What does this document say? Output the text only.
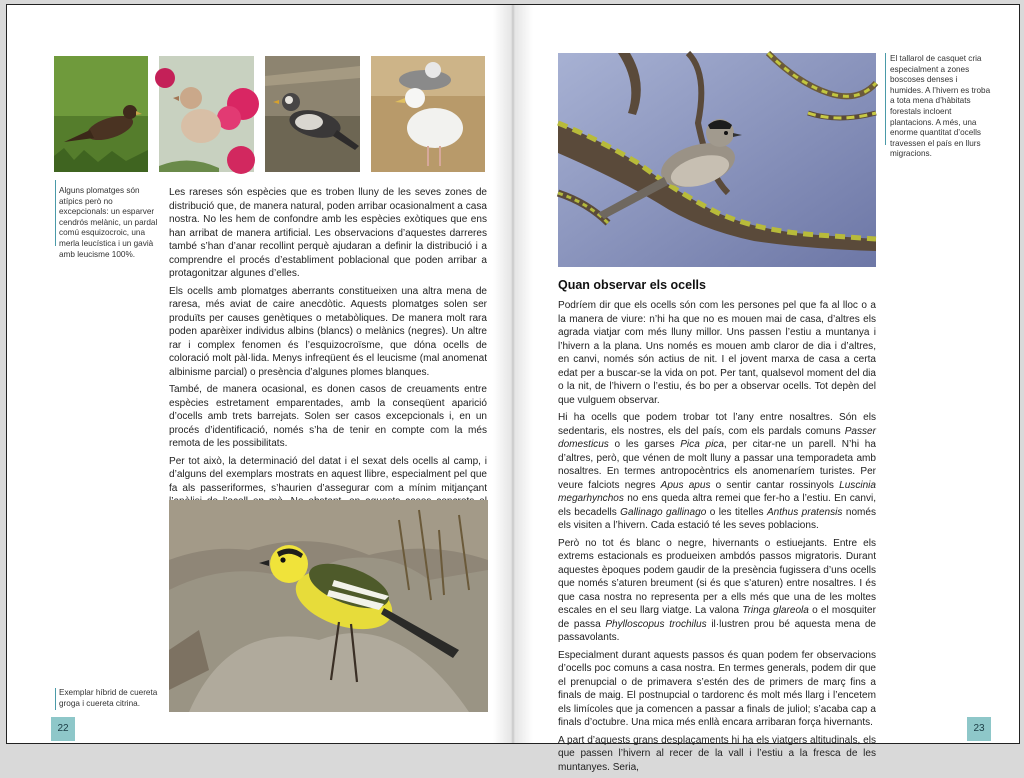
Alguns plomatges són atípics però no excepcionals: un esparver cendrós melànic, un pardal comú esquizocroic, una merla leucística i un gavià amb leucisme 100%.

Les rareses són espècies que es troben lluny de les seves zones de distribució que, de manera natural, poden arribar ocasionalment a casa nostra. No les hem de confondre amb les espècies exòtiques que ens han arribat de manera artificial. Les observacions d’aquestes darreres també s’han d’anar recollint perquè ajudaran a definir la distribució i a comprendre el procés d’establiment poblacional que poden arribar a protagonitzar algunes d’elles.

Els ocells amb plomatges aberrants constitueixen una altra mena de raresa, més aviat de caire anecdòtic. Aquests plomatges solen ser produïts per causes genètiques o metabòliques. De manera molt rara poden aparèixer individus albins (blancs) o melànics (negres). Un altre rar i complex fenomen és l’esquizocroïsme, que dóna ocells de coloració molt pàl·lida. Menys infreqüent és el leucisme (mal anomenat albinisme parcial) o presència d’algunes plomes blanques.

També, de manera ocasional, es donen casos de creuaments entre espècies estretament emparentades, amb la conseqüent aparició d’ocells amb trets barrejats. Solen ser casos excepcionals i, en un procés d’identificació, només s’ha de tenir en compte com la més remota de les possibilitats.

Per tot això, la determinació del datat i el sexat dels ocells al camp, i d’alguns del exemplars mostrats en aquest llibre, especialment pel que fa als passeriformes, s’haurien d’assegurar com a mínim mitjançant

Exemplar híbrid de cuereta groga i cuereta citrina.
22
El tallarol de casquet cria especialment a zones boscoses denses i humides. A l’hivern es troba a tota mena d’hàbitats forestals incloent plantacions. A més, una enorme quantitat d’ocells travessen el país en llurs migracions.
Quan observar els ocells

Podríem dir que els ocells són com les persones pel que fa al lloc o a la manera de viure: n’hi ha que no es mouen mai de casa, d’altres els agrada viatjar com més lluny millor. Uns passen l’estiu a muntanya i l’hivern a la plana. Uns només es mouen amb claror de dia i d’altres, en canvi, només són actius de nit. I el jovent marxa de casa a certa edat per a buscar-se la vida on pot. Per tant, qualsevol moment del dia o la nit, de l’hivern o l’estiu, és bo per a observar ocells. Tot depèn del que vulguem observar.

Hi ha ocells que podem trobar tot l’any entre nosaltres. Són els sedentaris, els nostres, els del país, com els pardals comuns Passer domesticus o les garses Pica pica, per citar-ne un parell. N’hi ha d’altres, però, que vénen de molt lluny a passar una temporadeta amb nosaltres. En termes antropocèntrics els anomenaríem turistes. Per veure falciots negres Apus apus o sentir cantar rossinyols Luscinia megarhynchos no ens queda altra remei que fer-ho a l’estiu. En canvi, els becadells Gallinago gallinago o les titelles Anthus pratensis només els visiten a l’hivern. Cada estació té les seves poblacions.

Però no tot és blanc o negre, hivernants o estiuejants. Entre els extrems estacionals es produeixen ambdós passos migratoris. Durant aquestes èpoques podem gaudir de la presència fugissera d’uns ocells que només s’aturen breument (si és que s’aturen) entre nosaltres. I és que casa nostra no representa per a ells més que una de les moltes escales en el seu llarg viatge. La valona Tringa glareola o el mosquiter de passa Phylloscopus trochilus il·lustren prou bé aquesta mena de passavolants.

Especialment durant aquests passos és quan podem fer observacions d’ocells poc comuns a casa nostra. En termes generals, podem dir que el prenupcial o de primavera s’estén des de primers de març fins a finals de maig. El postnupcial o tardorenc és molt més llarg i l’encetem els limícoles que ja comencen a passar a finals de juliol; s’acaba cap a finals d’octubre. Una mica més enllà encara arribaran força hivernants.

A part d’aquests grans desplaçaments hi ha els viatgers altitudinals, els que passen l’hivern al recer de la vall i l’estiu a la fresca de les muntanyes. Seria,

23
